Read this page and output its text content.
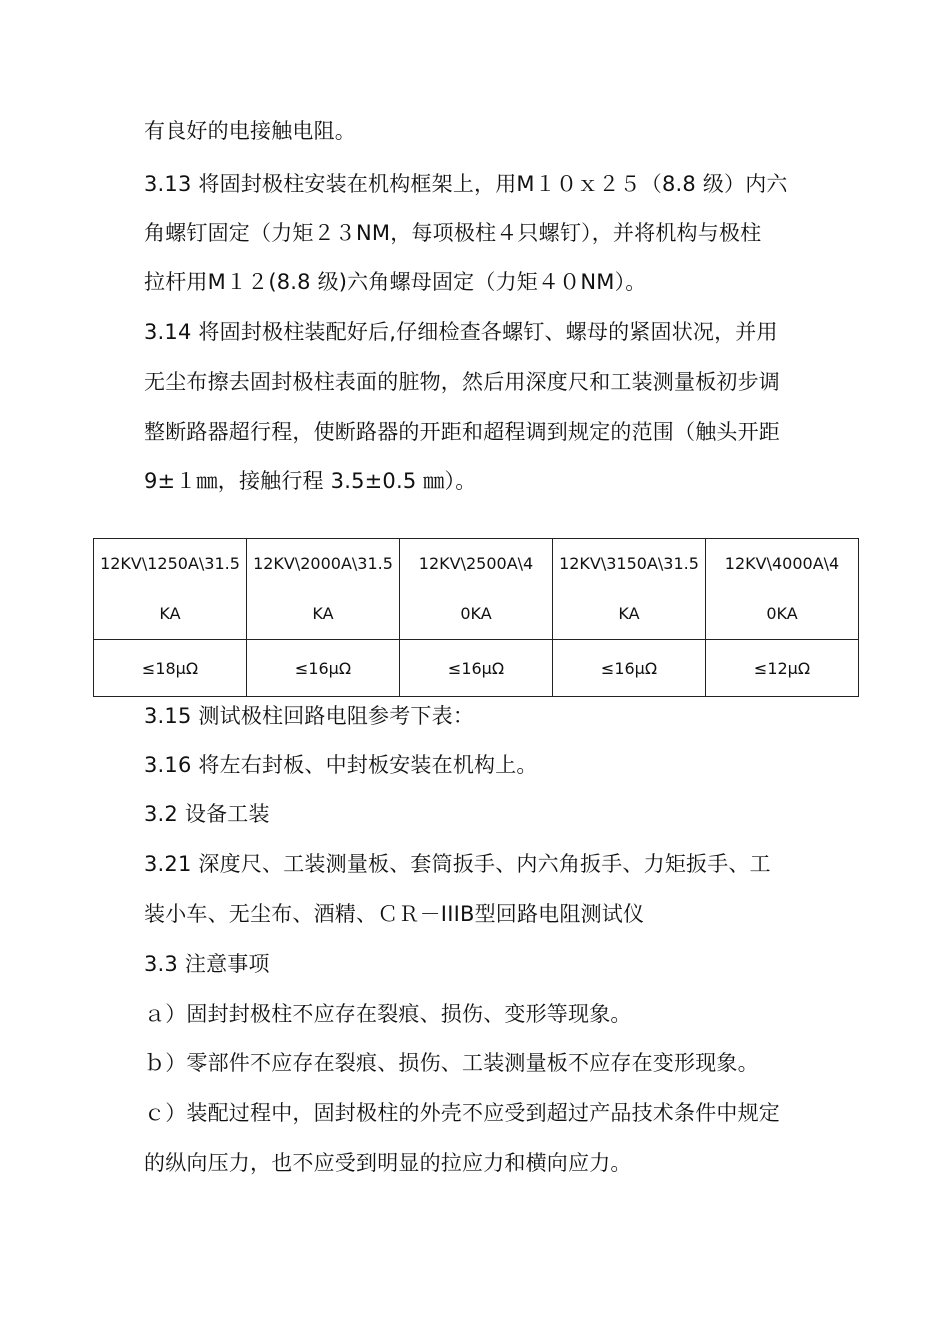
有良好的电接触电阻。
3.13 将固封极柱安装在机构框架上，用M１０ｘ２５（8.8 级）内六
角螺钉固定（力矩２３NM，每项极柱４只螺钉），并将机构与极柱
拉杆用M１２(8.8 级)六角螺母固定（力矩４０NM）。
3.14 将固封极柱装配好后,仔细检查各螺钉、螺母的紧固状况，并用
无尘布擦去固封极柱表面的脏物，然后用深度尺和工装测量板初步调
整断路器超行程，使断路器的开距和超程调到规定的范围（触头开距
9±１㎜，接触行程 3.5±0.5 ㎜）。
12KV\1250A\31.5
KA	12KV\2000A\31.5
KA	12KV\2500A\4
0KA	12KV\3150A\31.5
KA	12KV\4000A\4
0KA

≤18μΩ	≤16μΩ	≤16μΩ	≤16μΩ	≤12μΩ
3.15 测试极柱回路电阻参考下表：
3.16 将左右封板、中封板安装在机构上。
3.2 设备工装
3.21 深度尺、工装测量板、套筒扳手、内六角扳手、力矩扳手、工
装小车、无尘布、酒精、ＣＲ－ⅠⅠⅠB型回路电阻测试仪
3.3 注意事项
ａ）固封封极柱不应存在裂痕、损伤、变形等现象。
ｂ）零部件不应存在裂痕、损伤、工装测量板不应存在变形现象。
ｃ）装配过程中，固封极柱的外壳不应受到超过产品技术条件中规定
的纵向压力，也不应受到明显的拉应力和横向应力。
